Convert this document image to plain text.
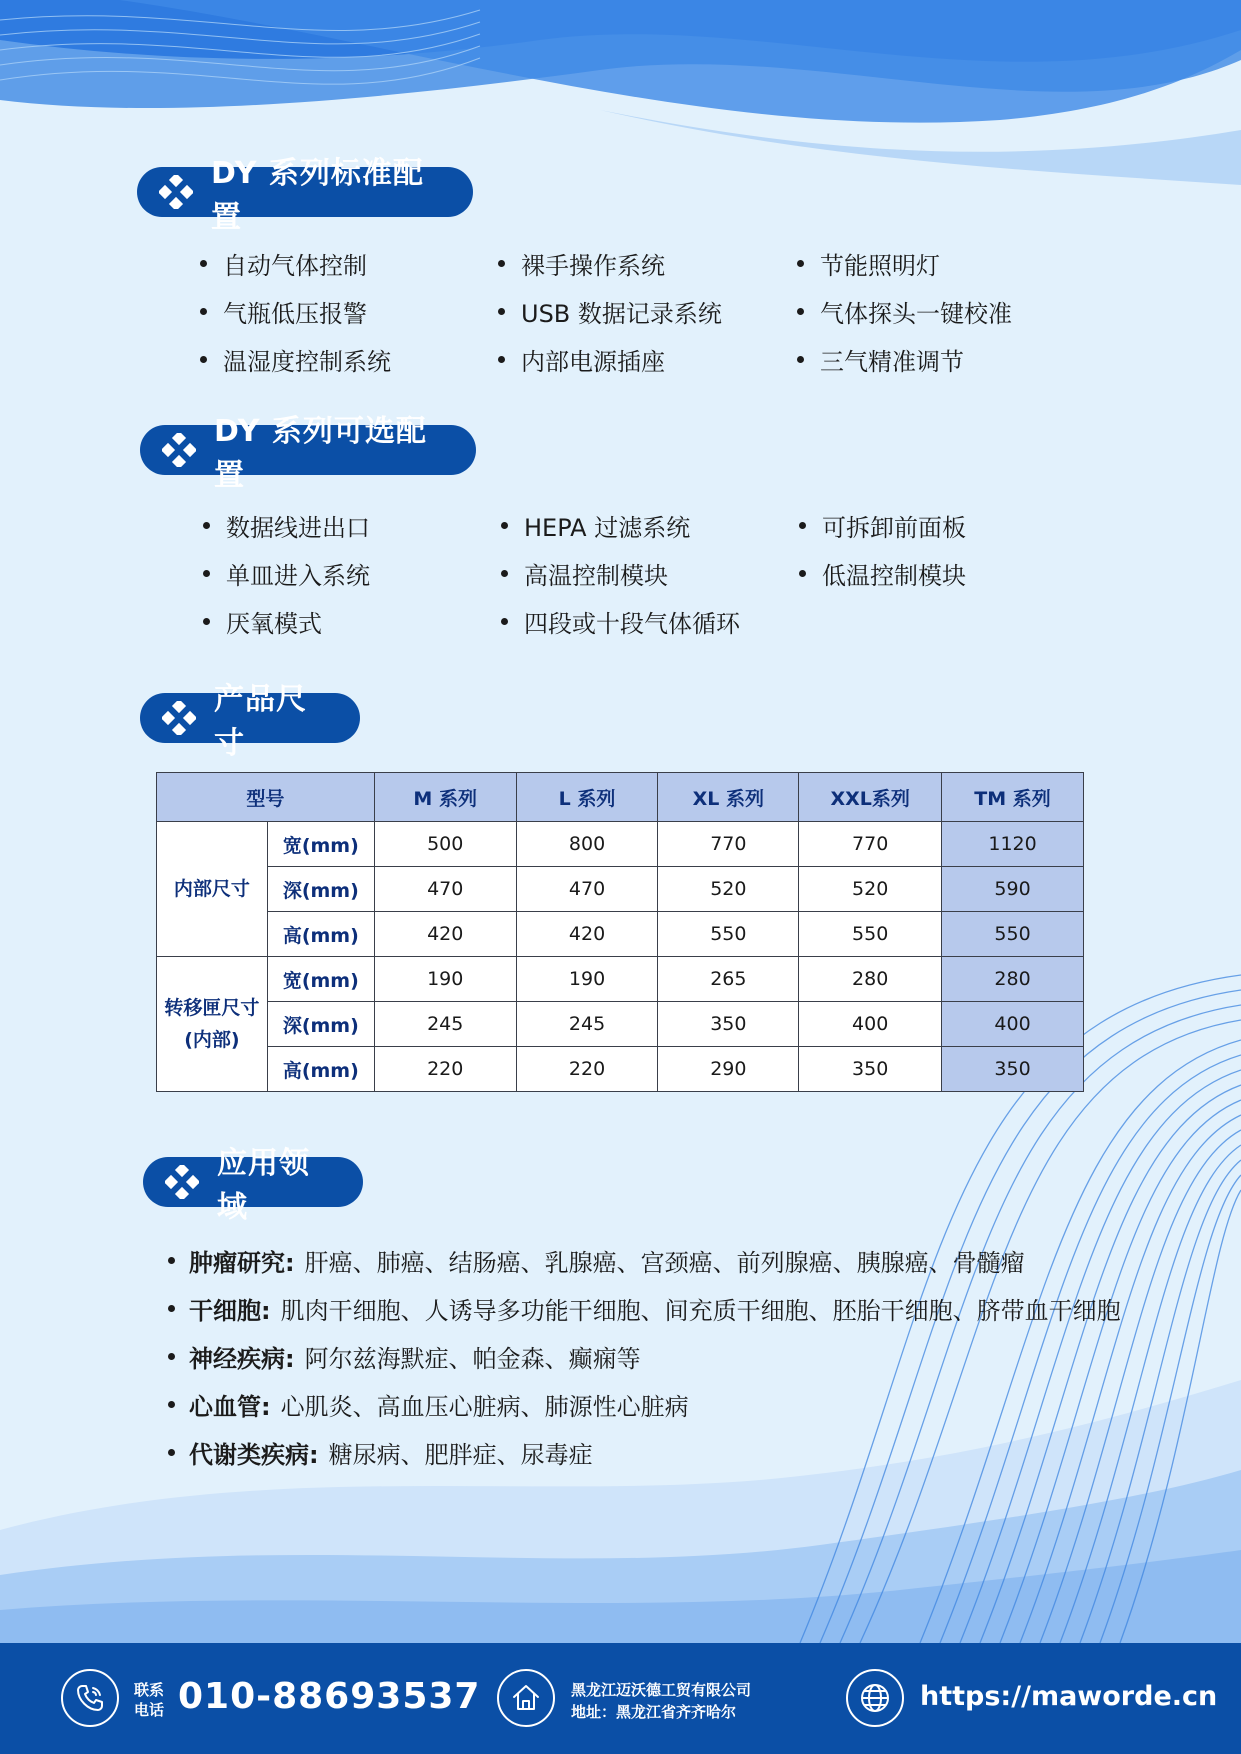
DY 系列标准配置
自动气体控制	裸手操作系统	节能照明灯
气瓶低压报警	USB 数据记录系统	气体探头一键校准
温湿度控制系统	内部电源插座	三气精准调节
DY 系列可选配置
数据线进出口	HEPA 过滤系统	可拆卸前面板
单皿进入系统	高温控制模块	低温控制模块
厌氧模式	四段或十段气体循环
产品尺寸
型号		M 系列	L 系列	XL 系列	XXL系列	TM 系列
内部尺寸	宽(mm)	500	800	770	770	1120
	深(mm)	470	470	520	520	590
	高(mm)	420	420	550	550	550

转移匣尺寸
(内部)	宽(mm)	190	190	265	280	280
	深(mm)	245	245	350	400	400
	高(mm)	220	220	290	350	350
应用领域
肿瘤研究: 肝癌、肺癌、结肠癌、乳腺癌、宫颈癌、前列腺癌、胰腺癌、骨髓瘤
干细胞: 肌肉干细胞、人诱导多功能干细胞、间充质干细胞、胚胎干细胞、脐带血干细胞
神经疾病: 阿尔兹海默症、帕金森、癫痫等
心血管: 心肌炎、高血压心脏病、肺源性心脏病
代谢类疾病: 糖尿病、肥胖症、尿毒症
联系
电话 010-88693537	黑龙江迈沃德工贸有限公司
地址：黑龙江省齐齐哈尔	https://maworde.cn
